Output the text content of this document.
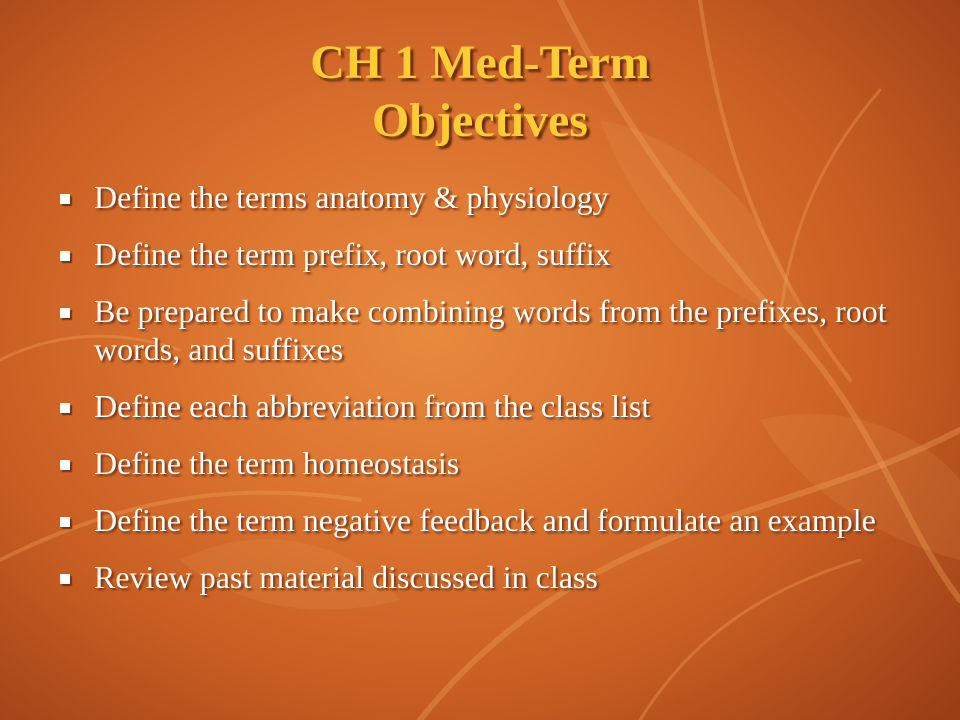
CH 1 Med-Term
Objectives
Define the terms anatomy & physiology
Define the term prefix, root word, suffix
Be prepared to make combining words from the prefixes, root words, and suffixes
Define each abbreviation from the class list
Define the term homeostasis
Define the term negative feedback and formulate an example
Review past material discussed in class
